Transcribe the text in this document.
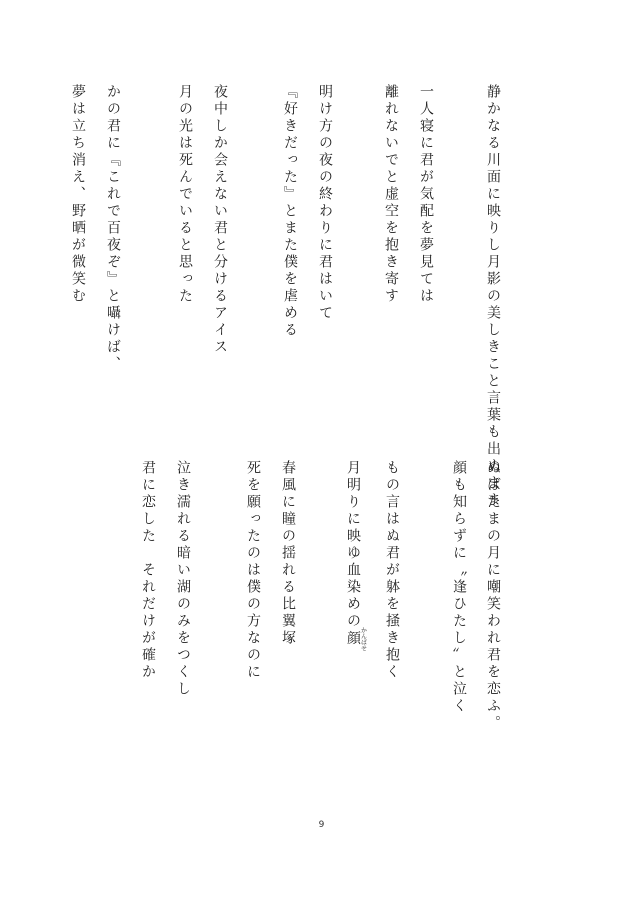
静かなる川面に映りし月影の美しきこと言葉も出ぬまま

一人寝に君が気配を夢見ては

離れないでと虚空を抱き寄す

明け方の夜の終わりに君はいて

『好きだった』とまた僕を虐める

夜中しか会えない君と分けるアイス

月の光は死んでいると思った

かの君に『これで百夜ぞ』と囁けば、

夢は立ち消え、野晒が微笑む

ぬばたまの月に嘲笑われ君を恋ふ。

顔も知らずに〝逢ひたし〟と泣く

もの言はぬ君が躰を掻き抱く

月明りに映ゆ血染めの顔かんばせ

春風に瞳の揺れる比翼塚

死を願ったのは僕の方なのに

泣き濡れる暗い湖のみをつくし

君に恋した　それだけが確か

9
